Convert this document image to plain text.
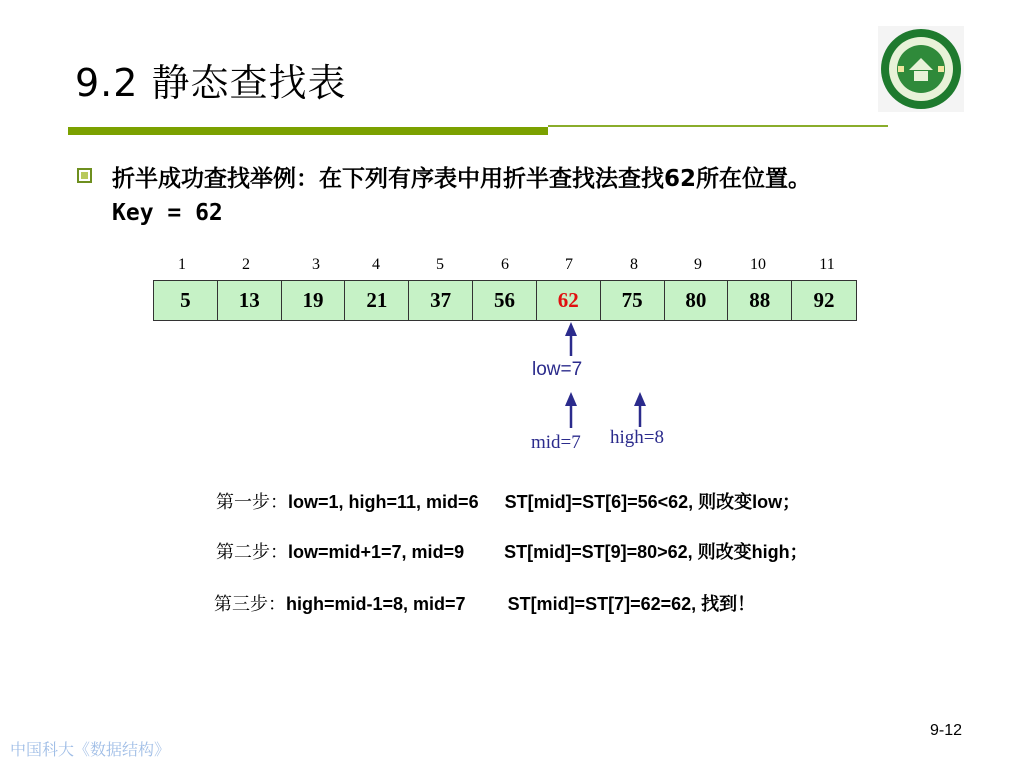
9.2 静态查找表
折半成功查找举例：在下列有序表中用折半查找法查找62所在位置。
Key = 62
1	2	3	4	5	6	7	8	9	10	11
5	13	19	21	37	56	62	75	80	88	92
low=7
mid=7 high=8
第一步：low=1, high=11, mid=6 ST[mid]=ST[6]=56<62, 则改变low；
第二步：low=mid+1=7, mid=9 ST[mid]=ST[9]=80>62, 则改变high；
第三步：high=mid-1=8, mid=7 ST[mid]=ST[7]=62=62, 找到！
9-12
中国科大《数据结构》
